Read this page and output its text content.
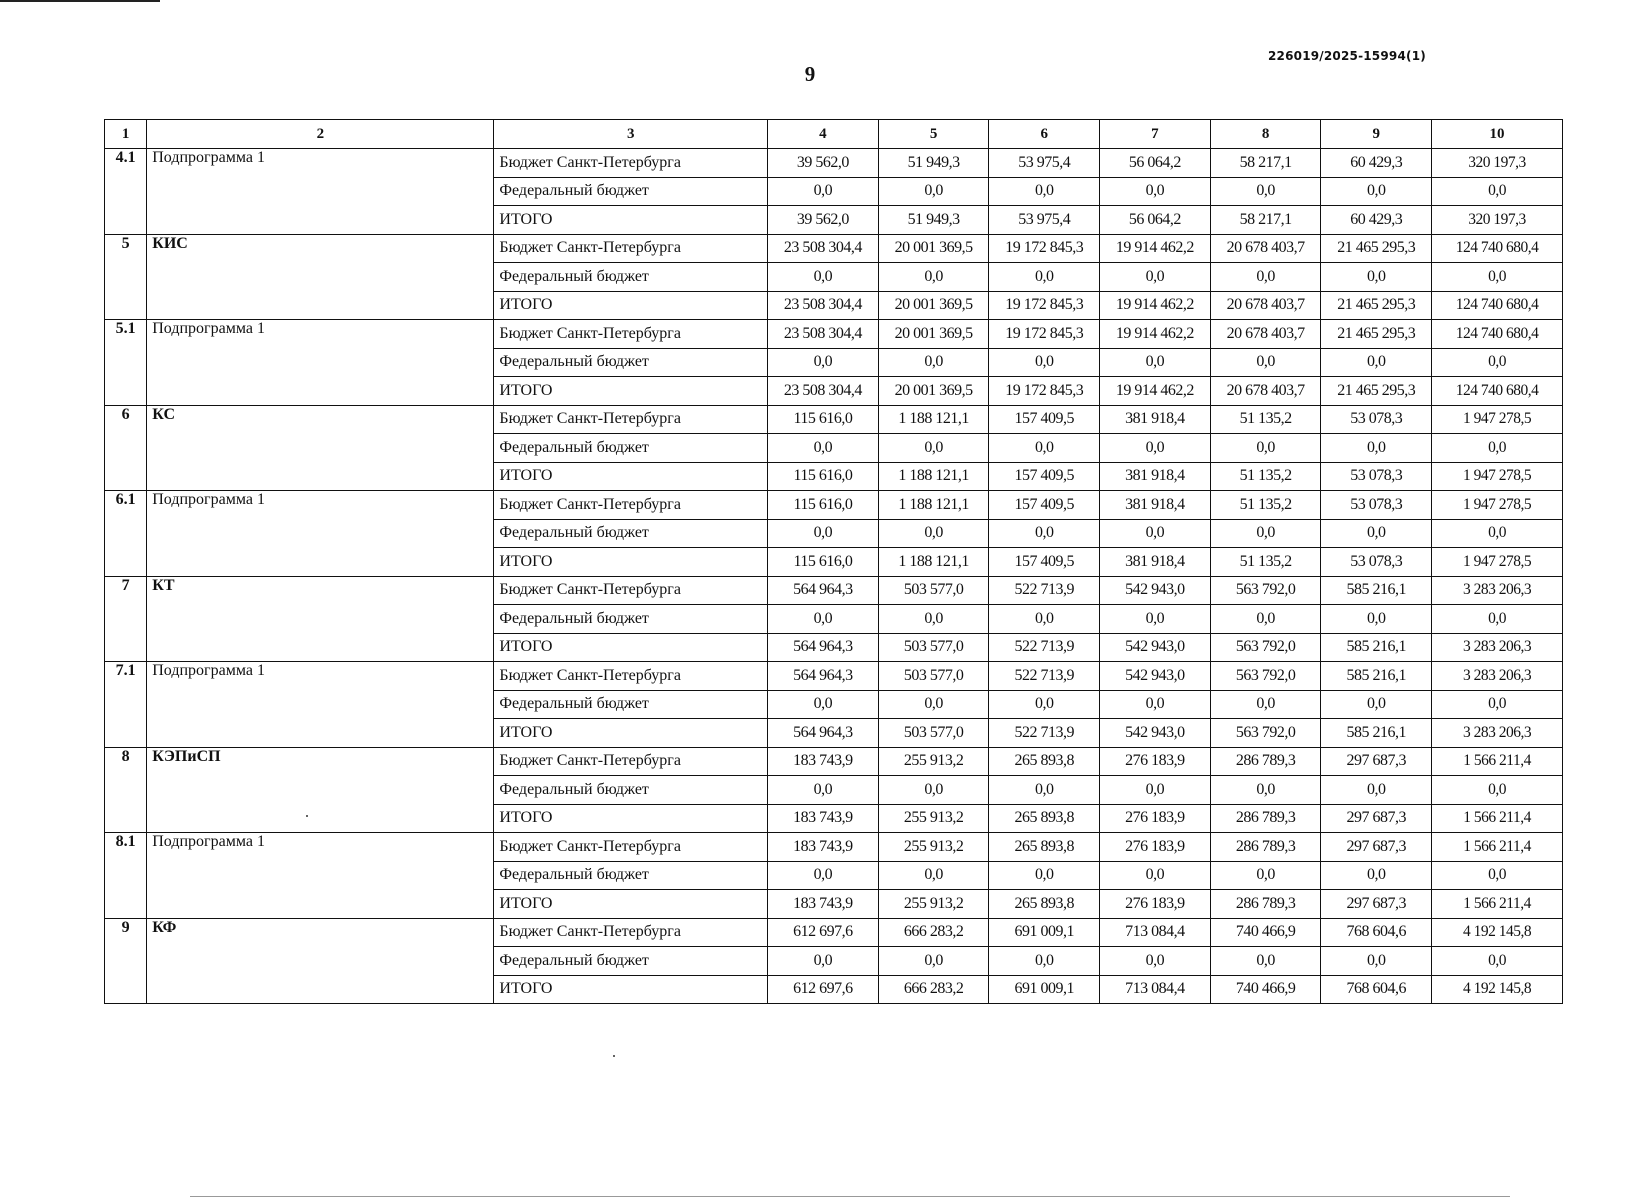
226019/2025-15994(1)
9
1	2	3	4	5	6	7	8	9	10
4.1	Подпрограмма 1	Бюджет Санкт-Петербурга	39 562,0	51 949,3	53 975,4	56 064,2	58 217,1	60 429,3	320 197,3
		Федеральный бюджет	0,0	0,0	0,0	0,0	0,0	0,0	0,0
		ИТОГО	39 562,0	51 949,3	53 975,4	56 064,2	58 217,1	60 429,3	320 197,3
5	КИС	Бюджет Санкт-Петербурга	23 508 304,4	20 001 369,5	19 172 845,3	19 914 462,2	20 678 403,7	21 465 295,3	124 740 680,4
		Федеральный бюджет	0,0	0,0	0,0	0,0	0,0	0,0	0,0
		ИТОГО	23 508 304,4	20 001 369,5	19 172 845,3	19 914 462,2	20 678 403,7	21 465 295,3	124 740 680,4
5.1	Подпрограмма 1	Бюджет Санкт-Петербурга	23 508 304,4	20 001 369,5	19 172 845,3	19 914 462,2	20 678 403,7	21 465 295,3	124 740 680,4
		Федеральный бюджет	0,0	0,0	0,0	0,0	0,0	0,0	0,0
		ИТОГО	23 508 304,4	20 001 369,5	19 172 845,3	19 914 462,2	20 678 403,7	21 465 295,3	124 740 680,4
6	КС	Бюджет Санкт-Петербурга	115 616,0	1 188 121,1	157 409,5	381 918,4	51 135,2	53 078,3	1 947 278,5
		Федеральный бюджет	0,0	0,0	0,0	0,0	0,0	0,0	0,0
		ИТОГО	115 616,0	1 188 121,1	157 409,5	381 918,4	51 135,2	53 078,3	1 947 278,5
6.1	Подпрограмма 1	Бюджет Санкт-Петербурга	115 616,0	1 188 121,1	157 409,5	381 918,4	51 135,2	53 078,3	1 947 278,5
		Федеральный бюджет	0,0	0,0	0,0	0,0	0,0	0,0	0,0
		ИТОГО	115 616,0	1 188 121,1	157 409,5	381 918,4	51 135,2	53 078,3	1 947 278,5
7	КТ	Бюджет Санкт-Петербурга	564 964,3	503 577,0	522 713,9	542 943,0	563 792,0	585 216,1	3 283 206,3
		Федеральный бюджет	0,0	0,0	0,0	0,0	0,0	0,0	0,0
		ИТОГО	564 964,3	503 577,0	522 713,9	542 943,0	563 792,0	585 216,1	3 283 206,3
7.1	Подпрограмма 1	Бюджет Санкт-Петербурга	564 964,3	503 577,0	522 713,9	542 943,0	563 792,0	585 216,1	3 283 206,3
		Федеральный бюджет	0,0	0,0	0,0	0,0	0,0	0,0	0,0
		ИТОГО	564 964,3	503 577,0	522 713,9	542 943,0	563 792,0	585 216,1	3 283 206,3
8	КЭПиСП	Бюджет Санкт-Петербурга	183 743,9	255 913,2	265 893,8	276 183,9	286 789,3	297 687,3	1 566 211,4
		Федеральный бюджет	0,0	0,0	0,0	0,0	0,0	0,0	0,0
		ИТОГО	183 743,9	255 913,2	265 893,8	276 183,9	286 789,3	297 687,3	1 566 211,4
8.1	Подпрограмма 1	Бюджет Санкт-Петербурга	183 743,9	255 913,2	265 893,8	276 183,9	286 789,3	297 687,3	1 566 211,4
		Федеральный бюджет	0,0	0,0	0,0	0,0	0,0	0,0	0,0
		ИТОГО	183 743,9	255 913,2	265 893,8	276 183,9	286 789,3	297 687,3	1 566 211,4
9	КФ	Бюджет Санкт-Петербурга	612 697,6	666 283,2	691 009,1	713 084,4	740 466,9	768 604,6	4 192 145,8
		Федеральный бюджет	0,0	0,0	0,0	0,0	0,0	0,0	0,0
		ИТОГО	612 697,6	666 283,2	691 009,1	713 084,4	740 466,9	768 604,6	4 192 145,8
